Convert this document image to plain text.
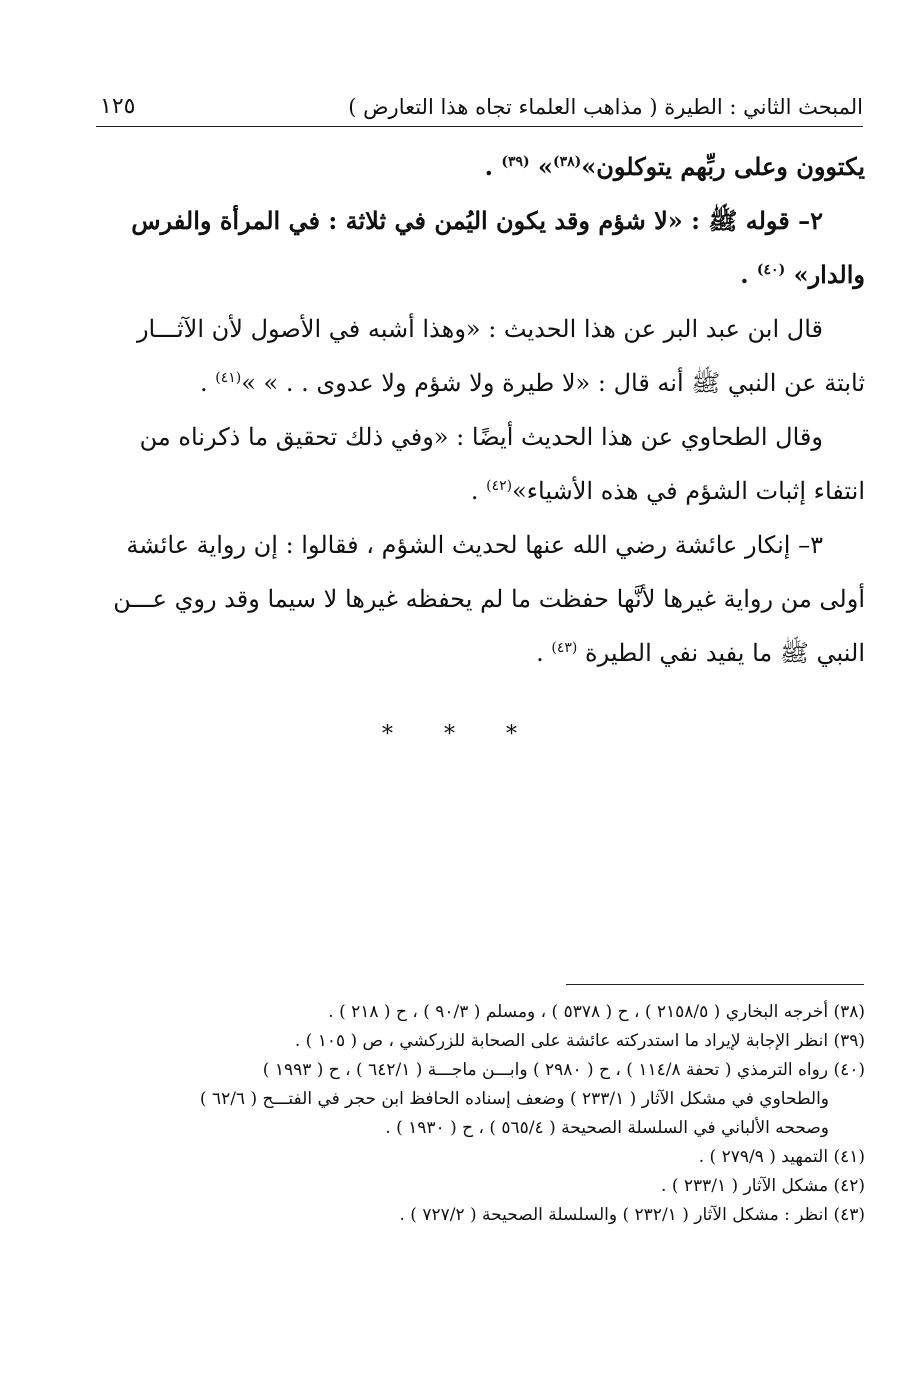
المبحث الثاني : الطيرة ( مذاهب العلماء تجاه هذا التعارض )
١٢٥
يكتوون وعلى ربِّهم يتوكلون»$^{(٣٨)}$» $^{(٣٩)}$ .
٢– قوله ﷺ : «لا شؤم وقد يكون اليُمن في ثلاثة : في المرأة والفرس
والدار» $^{(٤٠)}$ .
قال ابن عبد البر عن هذا الحديث : «وهذا أشبه في الأصول لأن الآثـــار
ثابتة عن النبي ﷺ أنه قال : «لا طيرة ولا شؤم ولا عدوى . . » »$^{(٤١)}$ .
وقال الطحاوي عن هذا الحديث أيضًا : «وفي ذلك تحقيق ما ذكرناه من
انتفاء إثبات الشؤم في هذه الأشياء»$^{(٤٢)}$ .
٣– إنكار عائشة رضي الله عنها لحديث الشؤم ، فقالوا : إن رواية عائشة
أولى من رواية غيرها لأنَّها حفظت ما لم يحفظه غيرها لا سيما وقد روي عـــن
النبي ﷺ ما يفيد نفي الطيرة $^{(٤٣)}$ .
* * *
(٣٨) أخرجه البخاري ( ٢١٥٨/٥ ) ، ح ( ٥٣٧٨ ) ، ومسلم ( ٩٠/٣ ) ، ح ( ٢١٨ ) .
(٣٩) انظر الإجابة لإيراد ما استدركته عائشة على الصحابة للزركشي ، ص ( ١٠٥ ) .
(٤٠) رواه الترمذي ( تحفة ١١٤/٨ ) ، ح ( ٢٩٨٠ ) وابـــن ماجـــة ( ٦٤٢/١ ) ، ح ( ١٩٩٣ )
والطحاوي في مشكل الآثار ( ٢٣٣/١ ) وضعف إسناده الحافظ ابن حجر في الفتـــح ( ٦٢/٦ )
وصححه الألباني في السلسلة الصحيحة ( ٥٦٥/٤ ) ، ح ( ١٩٣٠ ) .
(٤١) التمهيد ( ٢٧٩/٩ ) .
(٤٢) مشكل الآثار ( ٢٣٣/١ ) .
(٤٣) انظر : مشكل الآثار ( ٢٣٢/١ ) والسلسلة الصحيحة ( ٧٢٧/٢ ) .
